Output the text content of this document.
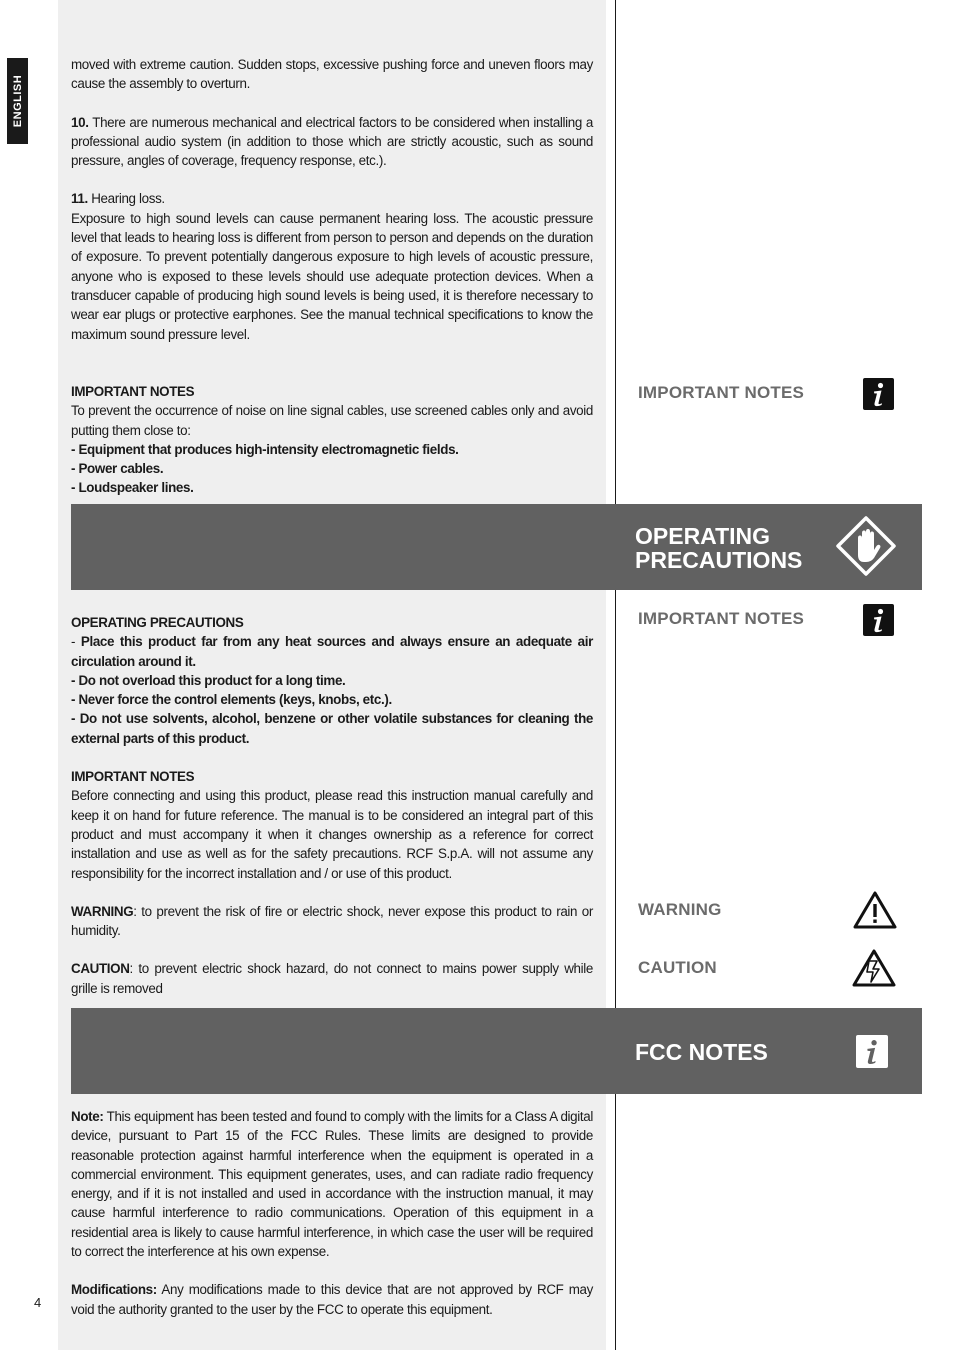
ENGLISH
4

moved with extreme caution. Sudden stops, excessive pushing force and uneven floors may cause the assembly to overturn.

10. There are numerous mechanical and electrical factors to be considered when installing a professional audio system (in addition to those which are strictly acoustic, such as sound pressure, angles of coverage, frequency response, etc.).

11. Hearing loss.

Exposure to high sound levels can cause permanent hearing loss. The acoustic pressure level that leads to hearing loss is different from person to person and depends on the duration of exposure. To prevent potentially dangerous exposure to high levels of acoustic pressure, anyone who is exposed to these levels should use adequate protection devices. When a transducer capable of producing high sound levels is being used, it is therefore necessary to wear ear plugs or protective earphones. See the manual technical specifications to know the maximum sound pressure level.

IMPORTANT NOTES

To prevent the occurrence of noise on line signal cables, use screened cables only and avoid putting them close to:

- Equipment that produces high-intensity electromagnetic fields.

- Power cables.

- Loudspeaker lines.

IMPORTANT NOTES
OPERATING
PRECAUTIONS

OPERATING PRECAUTIONS

- Place this product far from any heat sources and always ensure an adequate air circulation around it.

- Do not overload this product for a long time.

- Never force the control elements (keys, knobs, etc.).

- Do not use solvents, alcohol, benzene or other volatile substances for cleaning the external parts of this product.

IMPORTANT NOTES

Before connecting and using this product, please read this instruction manual carefully and keep it on hand for future reference. The manual is to be considered an integral part of this product and must accompany it when it changes ownership as a reference for correct installation and use as well as for the safety precautions. RCF S.p.A. will not assume any responsibility for the incorrect installation and / or use of this product.

WARNING: to prevent the risk of fire or electric shock, never expose this product to rain or humidity.

CAUTION: to prevent electric shock hazard, do not connect to mains power supply while grille is removed

IMPORTANT NOTES
WARNING
CAUTION
FCC NOTES

Note: This equipment has been tested and found to comply with the limits for a Class A digital device, pursuant to Part 15 of the FCC Rules. These limits are designed to provide reasonable protection against harmful interference when the equipment is operated in a commercial environment. This equipment generates, uses, and can radiate radio frequency energy, and if it is not installed and used in accordance with the instruction manual, it may cause harmful interference to radio communications. Operation of this equipment in a residential area is likely to cause harmful interference, in which case the user will be required to correct the interference at his own expense.

Modifications: Any modifications made to this device that are not approved by RCF may void the authority granted to the user by the FCC to operate this equipment.
